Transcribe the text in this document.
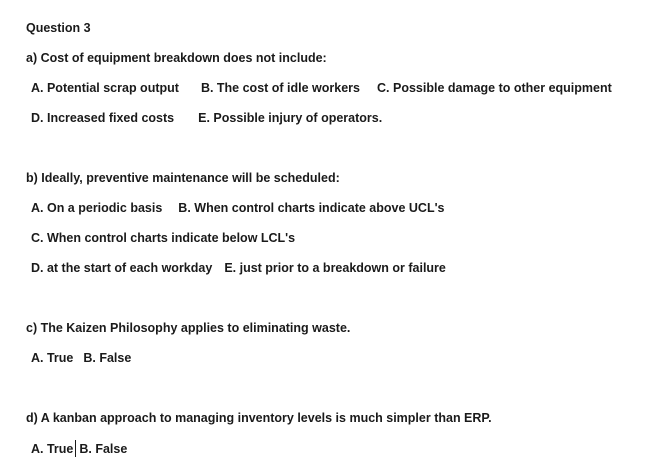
Question 3
a) Cost of equipment breakdown does not include:
A. Potential scrap output B. The cost of idle workers C. Possible damage to other equipment
D. Increased fixed costs E. Possible injury of operators.
b) Ideally, preventive maintenance will be scheduled:
A. On a periodic basis B. When control charts indicate above UCL's
C. When control charts indicate below LCL's
D. at the start of each workday E. just prior to a breakdown or failure
c) The Kaizen Philosophy applies to eliminating waste.
A. True B. False
d) A kanban approach to managing inventory levels is much simpler than ERP.
A. True B. False
